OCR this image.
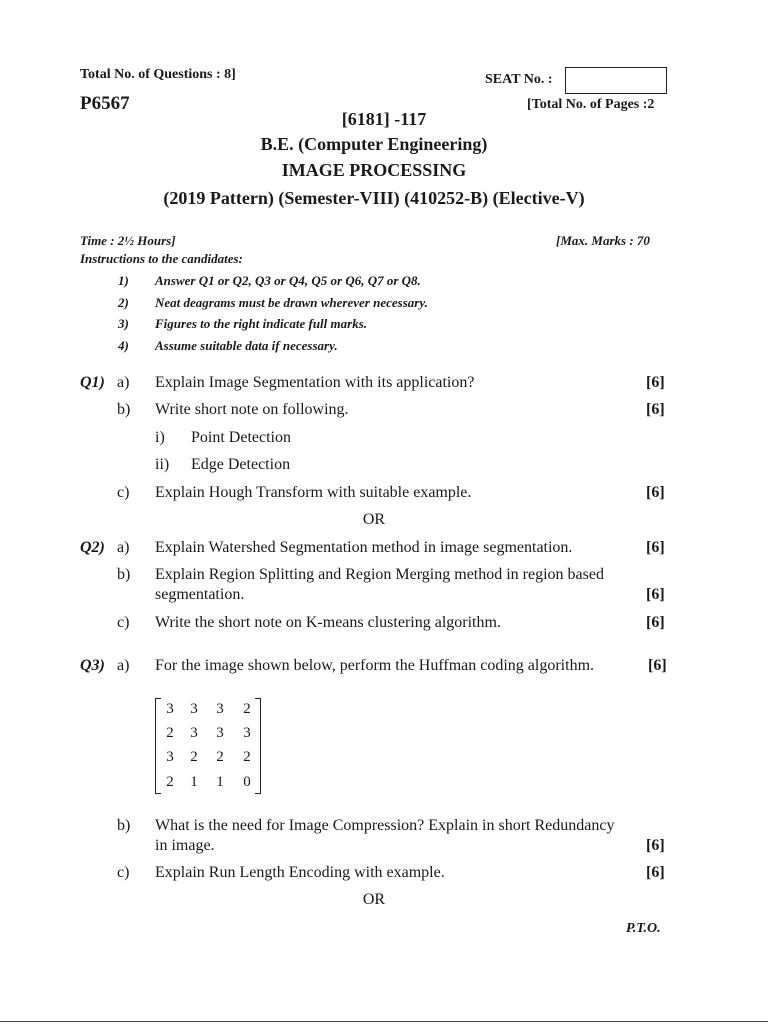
Total No. of Questions : 8]	SEAT No. :
P6567	[Total No. of Pages :2
[6181] -117
B.E. (Computer Engineering)
IMAGE PROCESSING
(2019 Pattern) (Semester-VIII) (410252-B) (Elective-V)
Time : 2½ Hours]	[Max. Marks : 70
Instructions to the candidates:
1) Answer Q1 or Q2, Q3 or Q4, Q5 or Q6, Q7 or Q8.
2) Neat deagrams must be drawn wherever necessary.
3) Figures to the right indicate full marks.
4) Assume suitable data if necessary.
Q1) a) Explain Image Segmentation with its application?	[6]
b) Write short note on following.	[6]
i) Point Detection
ii) Edge Detection
c) Explain Hough Transform with suitable example.	[6]
OR
Q2) a) Explain Watershed Segmentation method in image segmentation.	[6]
b) Explain Region Splitting and Region Merging method in region based
segmentation.	[6]
c) Write the short note on K-means clustering algorithm.	[6]
Q3) a) For the image shown below, perform the Huffman coding algorithm.	[6]
3	3	3	2
2	3	3	3
3	2	2	2
2	1	1	0
b) What is the need for Image Compression? Explain in short Redundancy
in image.	[6]
c) Explain Run Length Encoding with example.	[6]
OR
P.T.O.
